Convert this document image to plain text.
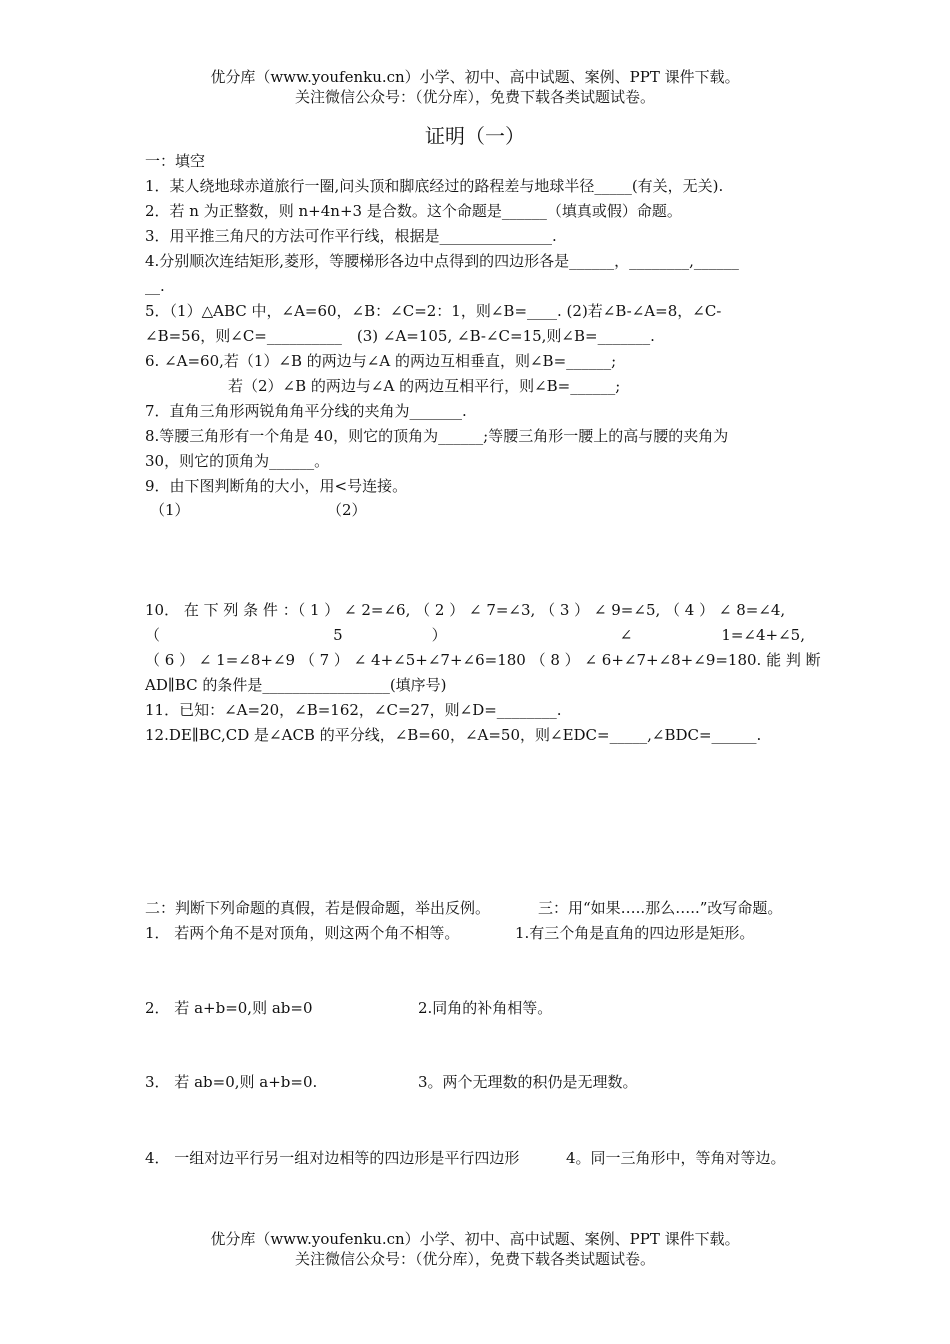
优分库（www.youfenku.cn）小学、初中、高中试题、案例、PPT 课件下载。
关注微信公众号：（优分库），免费下载各类试题试卷。
证明（一）
一：填空
1．某人绕地球赤道旅行一圈,问头顶和脚底经过的路程差与地球半径_____(有关，无关).
2．若 n 为正整数，则 n+4n+3 是合数。这个命题是______（填真或假）命题。
3．用平推三角尺的方法可作平行线，根据是_______________.
4.分别顺次连结矩形,菱形，等腰梯形各边中点得到的四边形各是______，________,______
__.
5．（1）△ABC 中，∠A=60，∠B：∠C=2：1，则∠B=____. (2)若∠B-∠A=8，∠C-
∠B=56，则∠C=__________　(3) ∠A=105, ∠B-∠C=15,则∠B=_______.
6. ∠A=60,若（1）∠B 的两边与∠A 的两边互相垂直，则∠B=______;
若（2）∠B 的两边与∠A 的两边互相平行，则∠B=______;
7．直角三角形两锐角角平分线的夹角为_______.
8.等腰三角形有一个角是 40，则它的顶角为______;等腰三角形一腰上的高与腰的夹角为
30，则它的顶角为______。
9．由下图判断角的大小，用<号连接。
（1）	（2）
10． 在 下 列 条 件 ：（ 1 ） ∠ 2=∠6, （ 2 ） ∠ 7=∠3, （ 3 ） ∠ 9=∠5, （ 4 ） ∠ 8=∠4,
（ 5 ） ∠ 1=∠4+∠5,
（ 6 ） ∠ 1=∠8+∠9 （ 7 ） ∠ 4+∠5+∠7+∠6=180 （ 8 ） ∠ 6+∠7+∠8+∠9=180. 能 判 断
AD∥BC 的条件是_________________(填序号)
11．已知：∠A=20，∠B=162，∠C=27，则∠D=________.
12.DE∥BC,CD 是∠ACB 的平分线，∠B=60，∠A=50，则∠EDC=_____,∠BDC=______.
二：判断下列命题的真假，若是假命题，举出反例。	三：用“如果…..那么…..”改写命题。
1． 若两个角不是对顶角，则这两个角不相等。	1.有三个角是直角的四边形是矩形。
2． 若 a+b=0,则 ab=0	2.同角的补角相等。
3． 若 ab=0,则 a+b=0.	3。两个无理数的积仍是无理数。
4． 一组对边平行另一组对边相等的四边形是平行四边形	4。同一三角形中，等角对等边。
优分库（www.youfenku.cn）小学、初中、高中试题、案例、PPT 课件下载。
关注微信公众号：（优分库），免费下载各类试题试卷。
